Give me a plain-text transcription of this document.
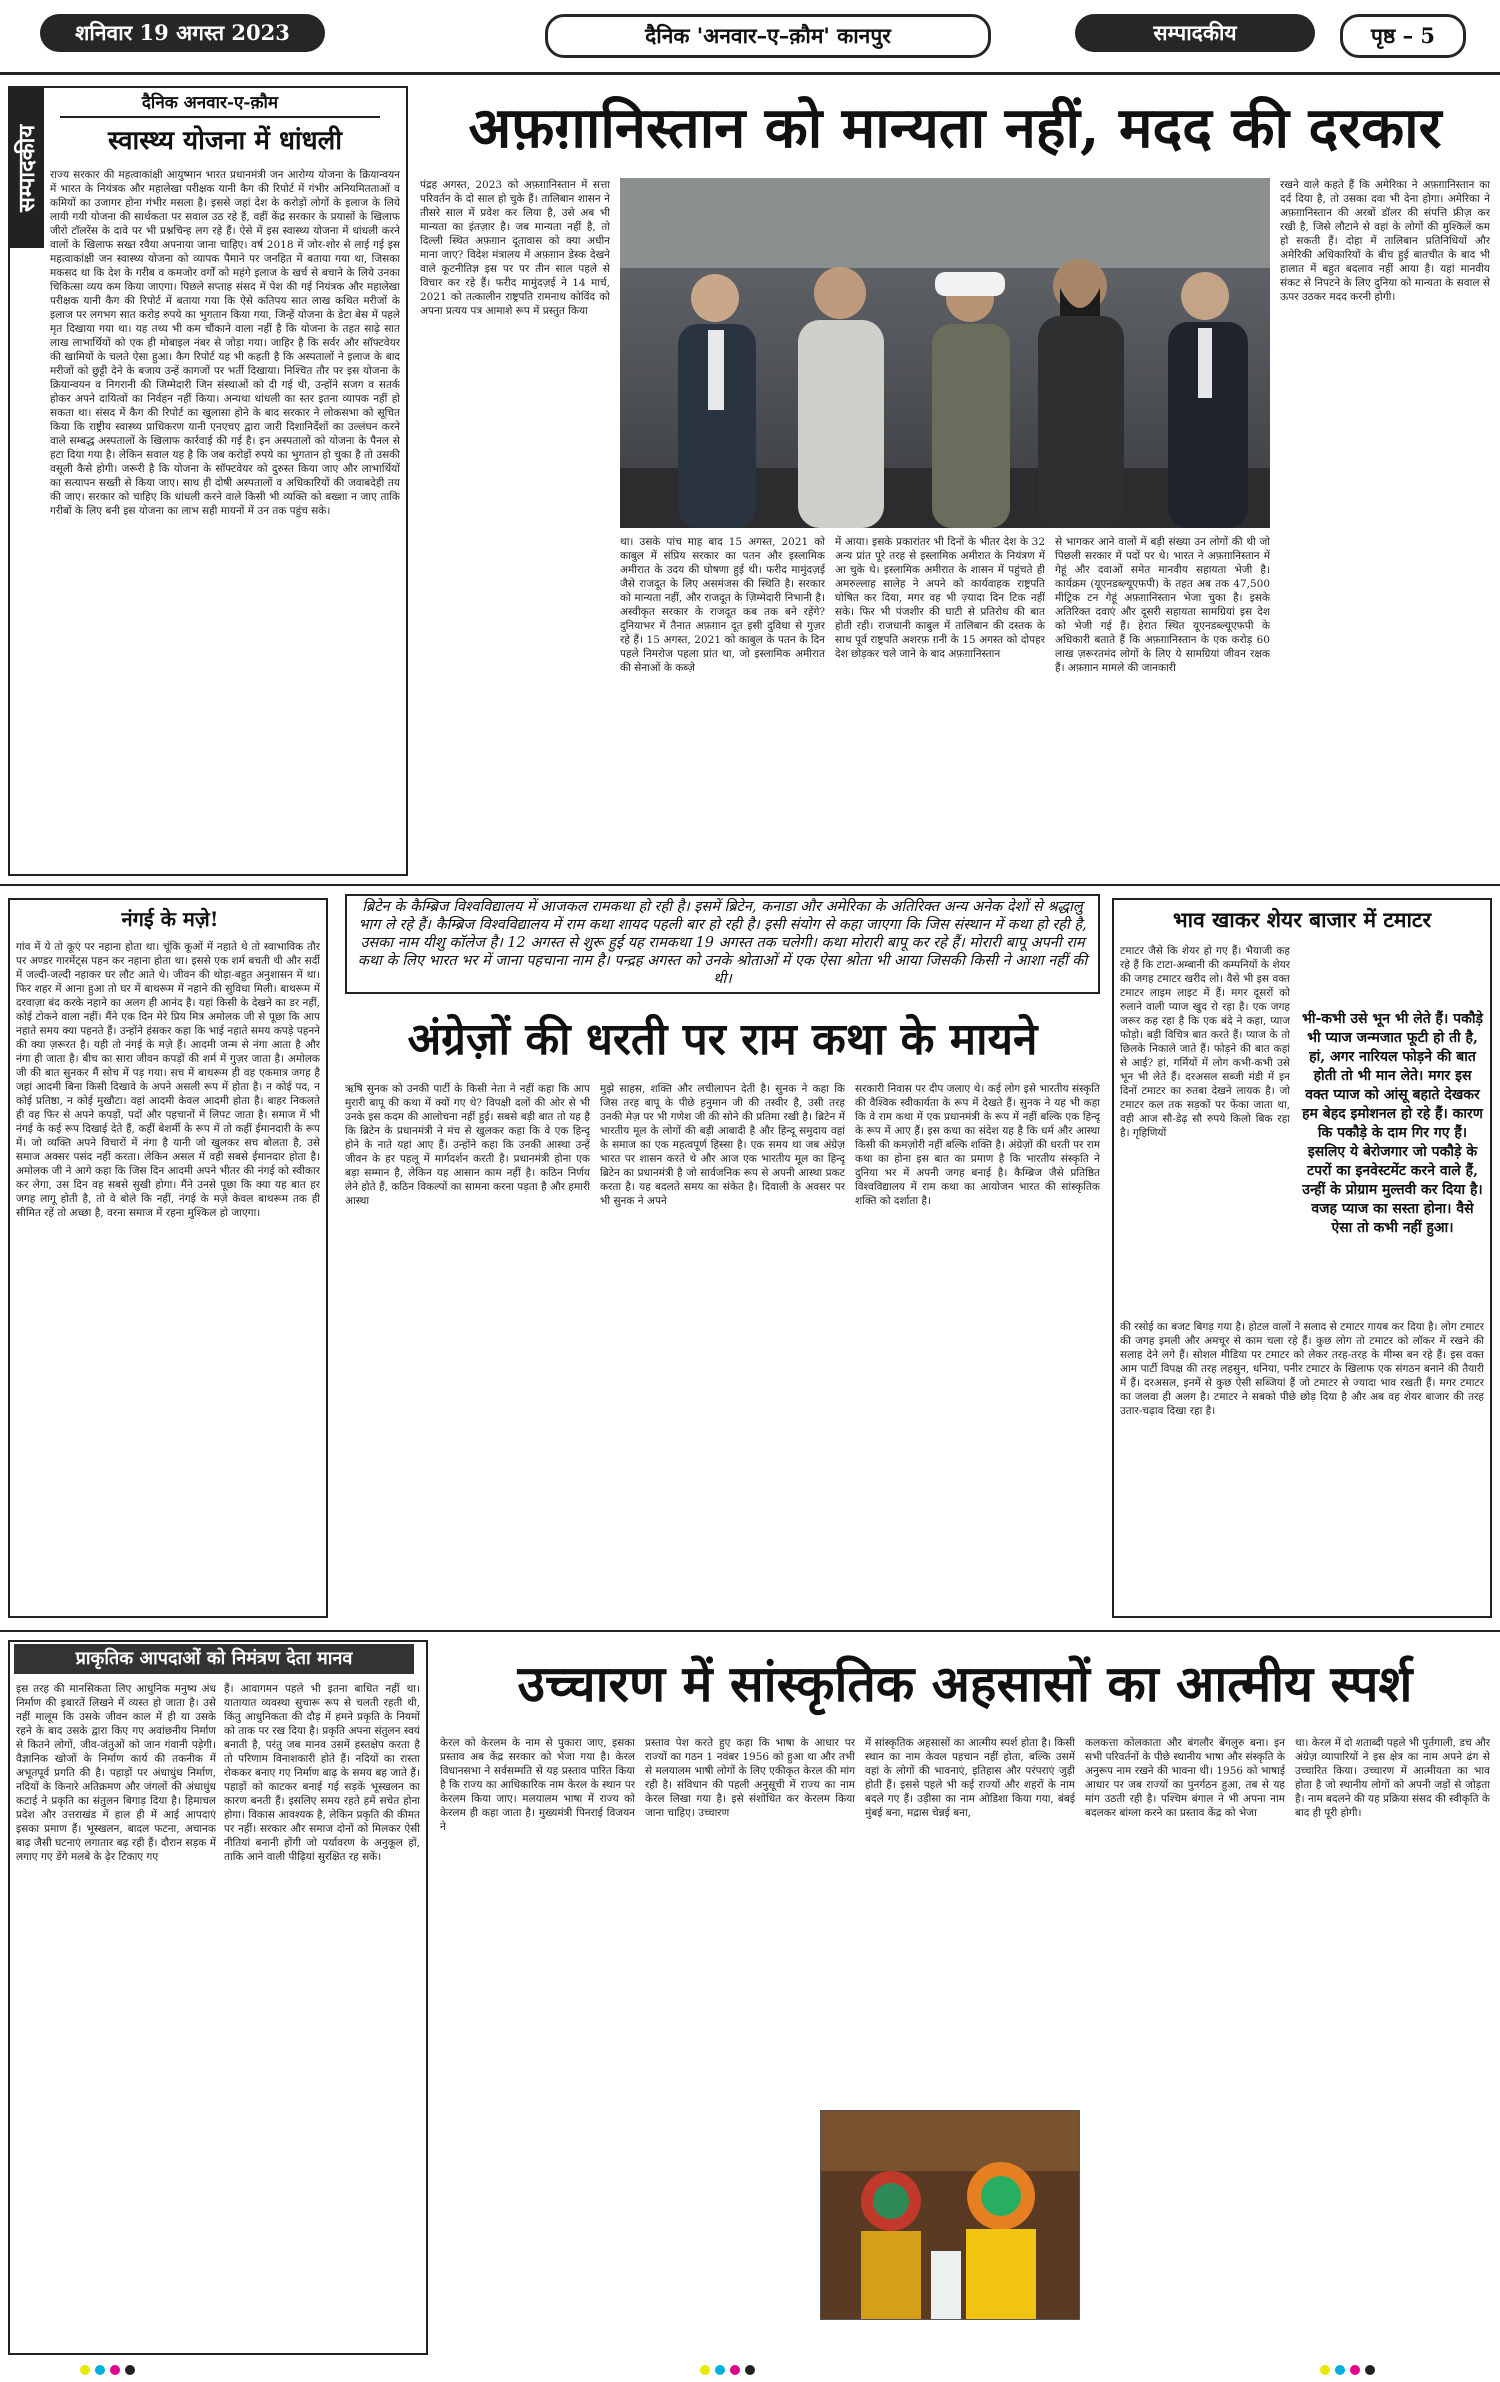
शनिवार 19 अगस्त 2023	दैनिक 'अनवार–ए–क़ौम' कानपुर	सम्पादकीय	पृष्ठ – 5
सम्पादकीय
दैनिक अनवार-ए-क़ौम
स्वास्थ्य योजना में धांधली
राज्य सरकार की महत्वाकांक्षी आयुष्मान भारत प्रधानमंत्री जन आरोग्य योजना के क्रियान्वयन में भारत के नियंत्रक और महालेखा परीक्षक यानी कैग की रिपोर्ट में गंभीर अनियमितताओं व कमियों का उजागर होना गंभीर मसला है। इससे जहां देश के करोड़ों लोगों के इलाज के लिये लायी गयी योजना की सार्थकता पर सवाल उठ रहे हैं, वहीं केंद्र सरकार के प्रयासों के खिलाफ जीरो टॉलरेंस के दावे पर भी प्रश्नचिन्ह लग रहे हैं। ऐसे में इस स्वास्थ्य योजना में धांधली करने वालों के खिलाफ सख्त रवैया अपनाया जाना चाहिए। वर्ष 2018 में जोर-शोर से लाई गई इस महत्वाकांक्षी जन स्वास्थ्य योजना को व्यापक पैमाने पर जनहित में बताया गया था, जिसका मकसद था कि देश के गरीब व कमजोर वर्गों को महंगे इलाज के खर्च से बचाने के लिये उनका चिकित्सा व्यय कम किया जाएगा। पिछले सप्ताह संसद में पेश की गई नियंत्रक और महालेखा परीक्षक यानी कैग की रिपोर्ट में बताया गया कि ऐसे कतिपय सात लाख कथित मरीजों के इलाज पर लगभग सात करोड़ रुपये का भुगतान किया गया, जिन्हें योजना के डेटा बेस में पहले मृत दिखाया गया था। यह तथ्य भी कम चौंकाने वाला नहीं है कि योजना के तहत साढ़े सात लाख लाभार्थियों को एक ही मोबाइल नंबर से जोड़ा गया। जाहिर है कि सर्वर और सॉफ्टवेयर की खामियों के चलते ऐसा हुआ। कैग रिपोर्ट यह भी कहती है कि अस्पतालों ने इलाज के बाद मरीजों को छुट्टी देने के बजाय उन्हें कागजों पर भर्ती दिखाया। निश्चित तौर पर इस योजना के क्रियान्वयन व निगरानी की जिम्मेदारी जिन संस्थाओं को दी गई थी, उन्होंने सजग व सतर्क होकर अपने दायित्वों का निर्वहन नहीं किया। अन्यथा धांधली का स्तर इतना व्यापक नहीं हो सकता था। संसद में कैग की रिपोर्ट का खुलासा होने के बाद सरकार ने लोकसभा को सूचित किया कि राष्ट्रीय स्वास्थ्य प्राधिकरण यानी एनएचए द्वारा जारी दिशानिर्देशों का उल्लंघन करने वाले सम्बद्ध अस्पतालों के खिलाफ कार्रवाई की गई है। इन अस्पतालों को योजना के पैनल से हटा दिया गया है। लेकिन सवाल यह है कि जब करोड़ों रुपये का भुगतान हो चुका है तो उसकी वसूली कैसे होगी। जरूरी है कि योजना के सॉफ्टवेयर को दुरुस्त किया जाए और लाभार्थियों का सत्यापन सख्ती से किया जाए। साथ ही दोषी अस्पतालों व अधिकारियों की जवाबदेही तय की जाए। सरकार को चाहिए कि धांधली करने वाले किसी भी व्यक्ति को बख्शा न जाए ताकि गरीबों के लिए बनी इस योजना का लाभ सही मायनों में उन तक पहुंच सके।
अफ़ग़ानिस्तान को मान्यता नहीं, मदद की दरकार
पंद्रह अगस्त, 2023 को अफ़ग़ानिस्तान में सत्ता परिवर्तन के दो साल हो चुके हैं। तालिबान शासन ने तीसरे साल में प्रवेश कर लिया है, उसे अब भी मान्यता का इंतज़ार है। जब मान्यता नहीं है, तो दिल्ली स्थित अफ़ग़ान दूतावास को क्या अधीन माना जाए? विदेश मंत्रालय में अफ़ग़ान डेस्क देखने वाले कूटनीतिज्ञ इस पर पर तीन साल पहले से विचार कर रहे हैं। फरीद मामुंदज़ई ने 14 मार्च, 2021 को तत्कालीन राष्ट्रपति रामनाथ कोविंद को अपना प्रत्यय पत्र आमाशे रूप में प्रस्तुत किया
था। उसके पांच माह बाद 15 अगस्त, 2021 को काबुल में संप्रिय सरकार का पतन और इस्लामिक अमीरात के उदय की घोषणा हुई थी। फरीद मामुंदज़ई जैसे राजदूत के लिए असमंजस की स्थिति है। सरकार को मान्यता नहीं, और राजदूत के ज़िम्मेदारी निभानी है। अस्वीकृत सरकार के राजदूत कब तक बने रहेंगे? दुनियाभर में तैनात अफ़ग़ान दूत इसी दुविधा से गुज़र रहे हैं। 15 अगस्त, 2021 को काबुल के पतन के दिन पहले निमरोज पहला प्रांत था, जो इस्लामिक अमीरात की सेनाओं के कब्ज़े
में आया। इसके प्रकारांतर भी दिनों के भीतर देश के 32 अन्य प्रांत पूरे तरह से इस्लामिक अमीरात के नियंत्रण में आ चुके थे। इस्लामिक अमीरात के शासन में पहुंचते ही अमरुल्लाह सालेह ने अपने को कार्यवाहक राष्ट्रपति घोषित कर दिया, मगर वह भी ज़्यादा दिन टिक नहीं सके। फिर भी पंजशीर की घाटी से प्रतिरोध की बात होती रही। राजधानी काबुल में तालिबान की दस्तक के साथ पूर्व राष्ट्रपति अशरफ़ ग़नी के 15 अगस्त को दोपहर देश छोड़कर चले जाने के बाद अफ़ग़ानिस्तान
से भागकर आने वालों में बड़ी संख्या उन लोगों की थी जो पिछली सरकार में पदों पर थे। भारत ने अफ़ग़ानिस्तान में गेहूं और दवाओं समेत मानवीय सहायता भेजी है। कार्यक्रम (यूएनडब्ल्यूएफपी) के तहत अब तक 47,500 मीट्रिक टन गेहूं अफ़ग़ानिस्तान भेजा चुका है। इसके अतिरिक्त दवाएं और दूसरी सहायता सामग्रियां इस देश को भेजी गई हैं। हेरात स्थित यूएनडब्ल्यूएफपी के अधिकारी बताते हैं कि अफ़ग़ानिस्तान के एक करोड़ 60 लाख ज़रूरतमंद लोगों के लिए ये सामग्रियां जीवन रक्षक हैं। अफ़ग़ान मामले की जानकारी
रखने वाले कहते हैं कि अमेरिका ने अफ़ग़ानिस्तान का दर्द दिया है, तो उसका दवा भी देना होगा। अमेरिका ने अफ़ग़ानिस्तान की अरबों डॉलर की संपत्ति फ्रीज़ कर रखी है, जिसे लौटाने से वहां के लोगों की मुश्किलें कम हो सकती हैं। दोहा में तालिबान प्रतिनिधियों और अमेरिकी अधिकारियों के बीच हुई बातचीत के बाद भी हालात में बहुत बदलाव नहीं आया है। यहां मानवीय संकट से निपटने के लिए दुनिया को मान्यता के सवाल से ऊपर उठकर मदद करनी होगी।
नंगई के मज़े!
गांव में ये तो कूएं पर नहाना होता था। चूंकि कूओं में नहाते थे तो स्वाभाविक तौर पर अण्डर गारमेंट्स पहन कर नहाना होता था। इससे एक शर्म बचती थी और सर्दी में जल्दी-जल्दी नहाकर घर लौट आते थे। जीवन की थोड़ा-बहुत अनुशासन में था। फिर शहर में आना हुआ तो घर में बाथरूम में नहाने की सुविधा मिली। बाथरूम में दरवाज़ा बंद करके नहाने का अलग ही आनंद है। यहां किसी के देखने का डर नहीं, कोई टोकने वाला नहीं। मैंने एक दिन मेरे प्रिय मित्र अमोलक जी से पूछा कि आप नहाते समय क्या पहनते हैं। उन्होंने हंसकर कहा कि भाई नहाते समय कपड़े पहनने की क्या ज़रूरत है। यही तो नंगई के मज़े हैं। आदमी जन्म से नंगा आता है और नंगा ही जाता है। बीच का सारा जीवन कपड़ों की शर्म में गुज़र जाता है। अमोलक जी की बात सुनकर मैं सोच में पड़ गया। सच में बाथरूम ही वह एकमात्र जगह है जहां आदमी बिना किसी दिखावे के अपने असली रूप में होता है। न कोई पद, न कोई प्रतिष्ठा, न कोई मुखौटा। वहां आदमी केवल आदमी होता है। बाहर निकलते ही वह फिर से अपने कपड़ों, पदों और पहचानों में लिपट जाता है। समाज में भी नंगई के कई रूप दिखाई देते हैं, कहीं बेशर्मी के रूप में तो कहीं ईमानदारी के रूप में। जो व्यक्ति अपने विचारों में नंगा है यानी जो खुलकर सच बोलता है, उसे समाज अक्सर पसंद नहीं करता। लेकिन असल में वही सबसे ईमानदार होता है। अमोलक जी ने आगे कहा कि जिस दिन आदमी अपने भीतर की नंगई को स्वीकार कर लेगा, उस दिन वह सबसे सुखी होगा। मैंने उनसे पूछा कि क्या यह बात हर जगह लागू होती है, तो वे बोले कि नहीं, नंगई के मज़े केवल बाथरूम तक ही सीमित रहें तो अच्छा है, वरना समाज में रहना मुश्किल हो जाएगा।
ब्रिटेन के कैम्ब्रिज विश्वविद्यालय में आजकल रामकथा हो रही है। इसमें ब्रिटेन, कनाडा और अमेरिका के अतिरिक्त अन्य अनेक देशों से श्रद्धालु भाग ले रहे हैं। कैम्ब्रिज विश्वविद्यालय में राम कथा शायद पहली बार हो रही है। इसी संयोग से कहा जाएगा कि जिस संस्थान में कथा हो रही है, उसका नाम यीशु कॉलेज है। 12 अगस्त से शुरू हुई यह रामकथा 19 अगस्त तक चलेगी। कथा मोरारी बापू कर रहे हैं। मोरारी बापू अपनी राम कथा के लिए भारत भर में जाना पहचाना नाम है। पन्द्रह अगस्त को उनके श्रोताओं में एक ऐसा श्रोता भी आया जिसकी किसी ने आशा नहीं की थी।
अंग्रेज़ों की धरती पर राम कथा के मायने
ऋषि सुनक को उनकी पार्टी के किसी नेता ने नहीं कहा कि आप मुरारी बापू की कथा में क्यों गए थे? विपक्षी दलों की ओर से भी उनके इस कदम की आलोचना नहीं हुई। सबसे बड़ी बात तो यह है कि ब्रिटेन के प्रधानमंत्री ने मंच से खुलकर कहा कि वे एक हिन्दू होने के नाते यहां आए हैं। उन्होंने कहा कि उनकी आस्था उन्हें जीवन के हर पहलू में मार्गदर्शन करती है। प्रधानमंत्री होना एक बड़ा सम्मान है, लेकिन यह आसान काम नहीं है। कठिन निर्णय लेने होते हैं, कठिन विकल्पों का सामना करना पड़ता है और हमारी आस्था
मुझे साहस, शक्ति और लचीलापन देती है। सुनक ने कहा कि जिस तरह बापू के पीछे हनुमान जी की तस्वीर है, उसी तरह उनकी मेज़ पर भी गणेश जी की सोने की प्रतिमा रखी है। ब्रिटेन में भारतीय मूल के लोगों की बड़ी आबादी है और हिन्दू समुदाय वहां के समाज का एक महत्वपूर्ण हिस्सा है। एक समय था जब अंग्रेज़ भारत पर शासन करते थे और आज एक भारतीय मूल का हिन्दू ब्रिटेन का प्रधानमंत्री है जो सार्वजनिक रूप से अपनी आस्था प्रकट करता है। यह बदलते समय का संकेत है। दिवाली के अवसर पर भी सुनक ने अपने
सरकारी निवास पर दीप जलाए थे। कई लोग इसे भारतीय संस्कृति की वैश्विक स्वीकार्यता के रूप में देखते हैं। सुनक ने यह भी कहा कि वे राम कथा में एक प्रधानमंत्री के रूप में नहीं बल्कि एक हिन्दू के रूप में आए हैं। इस कथा का संदेश यह है कि धर्म और आस्था किसी की कमज़ोरी नहीं बल्कि शक्ति है। अंग्रेज़ों की धरती पर राम कथा का होना इस बात का प्रमाण है कि भारतीय संस्कृति ने दुनिया भर में अपनी जगह बनाई है। कैम्ब्रिज जैसे प्रतिष्ठित विश्वविद्यालय में राम कथा का आयोजन भारत की सांस्कृतिक शक्ति को दर्शाता है।
भाव खाकर शेयर बाजार में टमाटर
भी-कभी उसे भून भी लेते हैं। पकौड़े भी प्याज जन्मजात फूटी हो ती है, हां, अगर नारियल फोड़ने की बात होती तो भी मान लेते। मगर इस वक्त प्याज को आंसू बहाते देखकर हम बेहद इमोशनल हो रहे हैं। कारण कि पकौड़े के दाम गिर गए हैं। इसलिए ये बेरोजगार जो पकौड़े के टपरों का इनवेस्टमेंट करने वाले हैं, उन्हीं के प्रोग्राम मुल्तवी कर दिया है। वजह प्याज का सस्ता होना। वैसे ऐसा तो कभी नहीं हुआ।
टमाटर जैसे कि शेयर हो गए हैं। भैयाजी कह रहे हैं कि टाटा-अम्बानी की कम्पनियों के शेयर की जगह टमाटर खरीद लो। वैसे भी इस वक्त टमाटर लाइम लाइट में हैं। मगर दूसरों को रुलाने वाली प्याज खुद रो रहा है। एक जगह जरूर कह रहा है कि एक बंदे ने कहा, प्याज फोड़ो। बड़ी विचित्र बात करते हैं। प्याज के तो छिलके निकाले जाते हैं। फोड़ने की बात कहां से आई? हां, गर्मियों में लोग कभी-कभी उसे भून भी लेते हैं। दरअसल सब्जी मंडी में इन दिनों टमाटर का रुतबा देखने लायक है। जो टमाटर कल तक सड़कों पर फेंका जाता था, वही आज सौ-डेढ़ सौ रुपये किलो बिक रहा है। गृहिणियों
की रसोई का बजट बिगड़ गया है। होटल वालों ने सलाद से टमाटर गायब कर दिया है। लोग टमाटर की जगह इमली और अमचूर से काम चला रहे हैं। कुछ लोग तो टमाटर को लॉकर में रखने की सलाह देने लगे हैं। सोशल मीडिया पर टमाटर को लेकर तरह-तरह के मीम्स बन रहे हैं। इस वक्त आम पार्टी विपक्ष की तरह लहसुन, धनिया, पनीर टमाटर के खिलाफ एक संगठन बनाने की तैयारी में हैं। दरअसल, इनमें से कुछ ऐसी सब्जियां हैं जो टमाटर से ज्यादा भाव रखती हैं। मगर टमाटर का जलवा ही अलग है। टमाटर ने सबको पीछे छोड़ दिया है और अब वह शेयर बाजार की तरह उतार-चढ़ाव दिखा रहा है।
प्राकृतिक आपदाओं को निमंत्रण देता मानव
इस तरह की मानसिकता लिए आधुनिक मनुष्य अंध निर्माण की इबारतें लिखने में व्यस्त हो जाता है। उसे नहीं मालूम कि उसके जीवन काल में ही या उसके रहने के बाद उसके द्वारा किए गए अवांछनीय निर्माण से कितने लोगों, जीव-जंतुओं को जान गंवानी पड़ेगी। वैज्ञानिक खोजों के निर्माण कार्य की तकनीक में अभूतपूर्व प्रगति की है। पहाड़ों पर अंधाधुंध निर्माण, नदियों के किनारे अतिक्रमण और जंगलों की अंधाधुंध कटाई ने प्रकृति का संतुलन बिगाड़ दिया है। हिमाचल प्रदेश और उत्तराखंड में हाल ही में आई आपदाएं इसका प्रमाण हैं। भूस्खलन, बादल फटना, अचानक बाढ़ जैसी घटनाएं लगातार बढ़ रही हैं। दौरान सड़क में लगाए गए डेंगे मलबे के ढ़ेर टिकाए गए
हैं। आवागमन पहले भी इतना बाधित नहीं था। यातायात व्यवस्था सुचारू रूप से चलती रहती थी, किंतु आधुनिकता की दौड़ में हमने प्रकृति के नियमों को ताक पर रख दिया है। प्रकृति अपना संतुलन स्वयं बनाती है, परंतु जब मानव उसमें हस्तक्षेप करता है तो परिणाम विनाशकारी होते हैं। नदियों का रास्ता रोककर बनाए गए निर्माण बाढ़ के समय बह जाते हैं। पहाड़ों को काटकर बनाई गई सड़कें भूस्खलन का कारण बनती हैं। इसलिए समय रहते हमें सचेत होना होगा। विकास आवश्यक है, लेकिन प्रकृति की कीमत पर नहीं। सरकार और समाज दोनों को मिलकर ऐसी नीतियां बनानी होंगी जो पर्यावरण के अनुकूल हों, ताकि आने वाली पीढ़ियां सुरक्षित रह सकें।
उच्चारण में सांस्कृतिक अहसासों का आत्मीय स्पर्श
केरल को केरलम के नाम से पुकारा जाए, इसका प्रस्ताव अब केंद्र सरकार को भेजा गया है। केरल विधानसभा ने सर्वसम्मति से यह प्रस्ताव पारित किया है कि राज्य का आधिकारिक नाम केरल के स्थान पर केरलम किया जाए। मलयालम भाषा में राज्य को केरलम ही कहा जाता है। मुख्यमंत्री पिनराई विजयन ने
प्रस्ताव पेश करते हुए कहा कि भाषा के आधार पर राज्यों का गठन 1 नवंबर 1956 को हुआ था और तभी से मलयालम भाषी लोगों के लिए एकीकृत केरल की मांग रही है। संविधान की पहली अनुसूची में राज्य का नाम केरल लिखा गया है। इसे संशोधित कर केरलम किया जाना चाहिए। उच्चारण
में सांस्कृतिक अहसासों का आत्मीय स्पर्श होता है। किसी स्थान का नाम केवल पहचान नहीं होता, बल्कि उसमें वहां के लोगों की भावनाएं, इतिहास और परंपराएं जुड़ी होती हैं। इससे पहले भी कई राज्यों और शहरों के नाम बदले गए हैं। उड़ीसा का नाम ओडिशा किया गया, बंबई मुंबई बना, मद्रास चेन्नई बना,
कलकत्ता कोलकाता और बंगलौर बेंगलुरु बना। इन सभी परिवर्तनों के पीछे स्थानीय भाषा और संस्कृति के अनुरूप नाम रखने की भावना थी। 1956 को भाषाई आधार पर जब राज्यों का पुनर्गठन हुआ, तब से यह मांग उठती रही है। पश्चिम बंगाल ने भी अपना नाम बदलकर बांग्ला करने का प्रस्ताव केंद्र को भेजा
था। केरल में दो शताब्दी पहले भी पुर्तगाली, डच और अंग्रेज़ व्यापारियों ने इस क्षेत्र का नाम अपने ढंग से उच्चारित किया। उच्चारण में आत्मीयता का भाव होता है जो स्थानीय लोगों को अपनी जड़ों से जोड़ता है। नाम बदलने की यह प्रक्रिया संसद की स्वीकृति के बाद ही पूरी होगी।
